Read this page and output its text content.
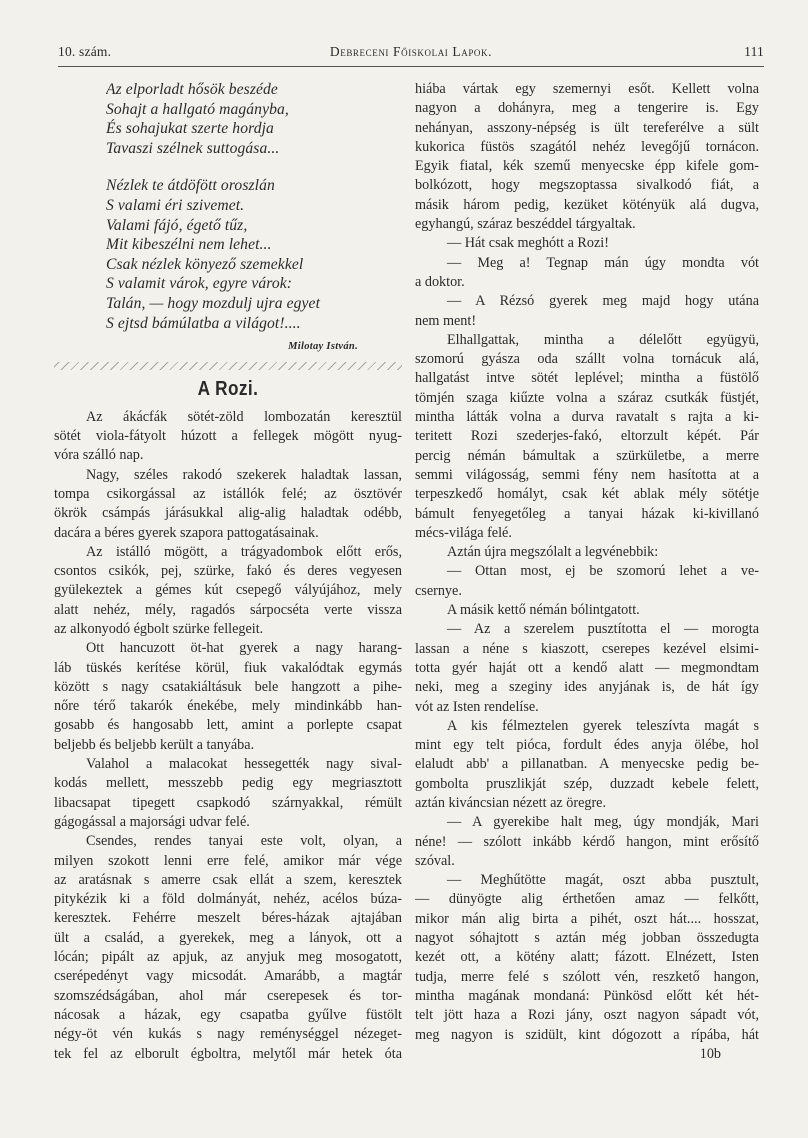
10. szám.	Debreceni Főiskolai Lapok.	111
Az elporladt hősök beszéde
Sohajt a hallgató magányba,
És sohajukat szerte hordja
Tavaszi szélnek suttogása...
Nézlek te átdöfött oroszlán
S valami éri szivemet.
Valami fájó, égető tűz,
Mit kibeszélni nem lehet...
Csak nézlek könyező szemekkel
S valamit várok, egyre várok:
Talán, — hogy mozdulj ujra egyet
S ejtsd bámúlatba a világot!....
Milotay István.
A Rozi.
Az ákácfák sötét-zöld lombozatán keresztül
sötét viola-fátyolt húzott a fellegek mögött nyug-
vóra szálló nap.
Nagy, széles rakodó szekerek haladtak lassan,
tompa csikorgással az istállók felé; az ösztövér
ökrök csámpás járásukkal alig-alig haladtak odébb,
dacára a béres gyerek szapora pattogatásainak.
Az istálló mögött, a trágyadombok előtt erős,
csontos csikók, pej, szürke, fakó és deres vegyesen
gyülekeztek a gémes kút csepegő vályújához, mely
alatt nehéz, mély, ragadós sárpocséta verte vissza
az alkonyodó égbolt szürke fellegeit.
Ott hancuzott öt-hat gyerek a nagy harang-
láb tüskés kerítése körül, fiuk vakalódtak egymás
között s nagy csatakiáltásuk bele hangzott a pihe-
nőre térő takarók énekébe, mely mindinkább han-
gosabb és hangosabb lett, amint a porlepte csapat
beljebb és beljebb került a tanyába.
Valahol a malacokat hessegették nagy sival-
kodás mellett, messzebb pedig egy megriasztott
libacsapat tipegett csapkodó szárnyakkal, rémült
gágogással a majorsági udvar felé.
Csendes, rendes tanyai este volt, olyan, a
milyen szokott lenni erre felé, amikor már vége
az aratásnak s amerre csak ellát a szem, keresztek
pitykézik ki a föld dolmányát, nehéz, acélos búza-
keresztek. Fehérre meszelt béres-házak ajtajában
ült a család, a gyerekek, meg a lányok, ott a
lócán; pipált az apjuk, az anyjuk meg mosogatott,
cserépedényt vagy micsodát. Amarább, a magtár
szomszédságában, ahol már cserepesek és tor-
nácosak a házak, egy csapatba gyűlve füstölt
négy-öt vén kukás s nagy reménységgel nézeget-
tek fel az elborult égboltra, melytől már hetek óta
hiába vártak egy szemernyi esőt. Kellett volna
nagyon a dohányra, meg a tengerire is. Egy
nehányan, asszony-népség is ült tereferélve a sült
kukorica füstös szagától nehéz levegőjű tornácon.
Egyik fiatal, kék szemű menyecske épp kifele gom-
bolkózott, hogy megszoptassa sivalkodó fiát, a
másik három pedig, kezüket kötényük alá dugva,
egyhangú, száraz beszéddel tárgyaltak.
— Hát csak meghótt a Rozi!
— Meg a! Tegnap mán úgy mondta vót
a doktor.
— A Rézsó gyerek meg majd hogy utána
nem ment!
Elhallgattak, mintha a délelőtt együgyü,
szomorú gyásza oda szállt volna tornácuk alá,
hallgatást intve sötét leplével; mintha a füstölő
tömjén szaga kiűzte volna a száraz csutkák füstjét,
mintha látták volna a durva ravatalt s rajta a ki-
teritett Rozi szederjes-fakó, eltorzult képét. Pár
percig némán bámultak a szürkületbe, a merre
semmi világosság, semmi fény nem hasította at a
terpeszkedő homályt, csak két ablak mély sötétje
bámult fenyegetőleg a tanyai házak ki-kivillanó
mécs-világa felé.
Aztán újra megszólalt a legvénebbik:
— Ottan most, ej be szomorú lehet a ve-
csernye.
A másik kettő némán bólintgatott.
— Az a szerelem pusztította el — morogta
lassan a néne s kiaszott, cserepes kezével elsimi-
totta gyér haját ott a kendő alatt — megmondtam
neki, meg a szeginy ides anyjának is, de hát így
vót az Isten rendelíse.
A kis félmeztelen gyerek teleszívta magát s
mint egy telt pióca, fordult édes anyja ölébe, hol
elaludt abb' a pillanatban. A menyecske pedig be-
gombolta pruszlikját szép, duzzadt kebele felett,
aztán kiváncsian nézett az öregre.
— A gyerekibe halt meg, úgy mondják, Mari
néne! — szólott inkább kérdő hangon, mint erősítő
szóval.
— Meghűtötte magát, oszt abba pusztult,
— dünyögte alig érthetően amaz — felkőtt,
mikor mán alig birta a pihét, oszt hát.... hosszat,
nagyot sóhajtott s aztán még jobban összedugta
kezét ott, a kötény alatt; fázott. Elnézett, Isten
tudja, merre felé s szólott vén, reszkető hangon,
mintha magának mondaná: Pünkösd előtt két hét-
telt jött haza a Rozi jány, oszt nagyon sápadt vót,
meg nagyon is szidült, kint dógozott a rípába, hát
10b
